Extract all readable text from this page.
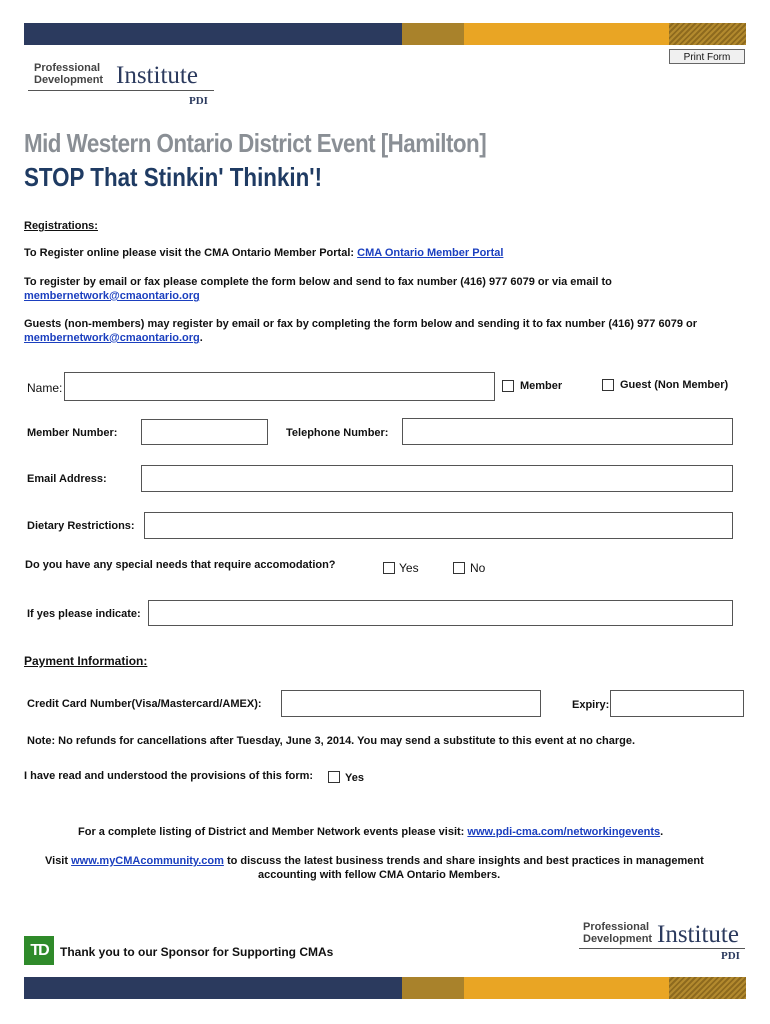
Print Form
Professional
Development Institute
PDI
Mid Western Ontario District Event [Hamilton]
STOP That Stinkin' Thinkin'!
Registrations:
To Register online please visit the CMA Ontario Member Portal: CMA Ontario Member Portal
To register by email or fax please complete the form below and send to fax number (416) 977 6079 or via email to
membernetwork@cmaontario.org
Guests (non-members) may register by email or fax by completing the form below and sending it to fax number (416) 977 6079 or
membernetwork@cmaontario.org.
Name:	Member	Guest (Non Member)
Member Number:	Telephone Number:
Email Address:
Dietary Restrictions:
Do you have any special needs that require accomodation?	Yes	No
If yes please indicate:
Payment Information:
Credit Card Number(Visa/Mastercard/AMEX):	Expiry:
Note: No refunds for cancellations after Tuesday, June 3, 2014. You may send a substitute to this event at no charge.
I have read and understood the provisions of this form:	Yes
For a complete listing of District and Member Network events please visit: www.pdi-cma.com/networkingevents.
Visit www.myCMAcommunity.com to discuss the latest business trends and share insights and best practices in management
accounting with fellow CMA Ontario Members.
TD	Thank you to our Sponsor for Supporting CMAs
Professional
Development Institute
PDI
